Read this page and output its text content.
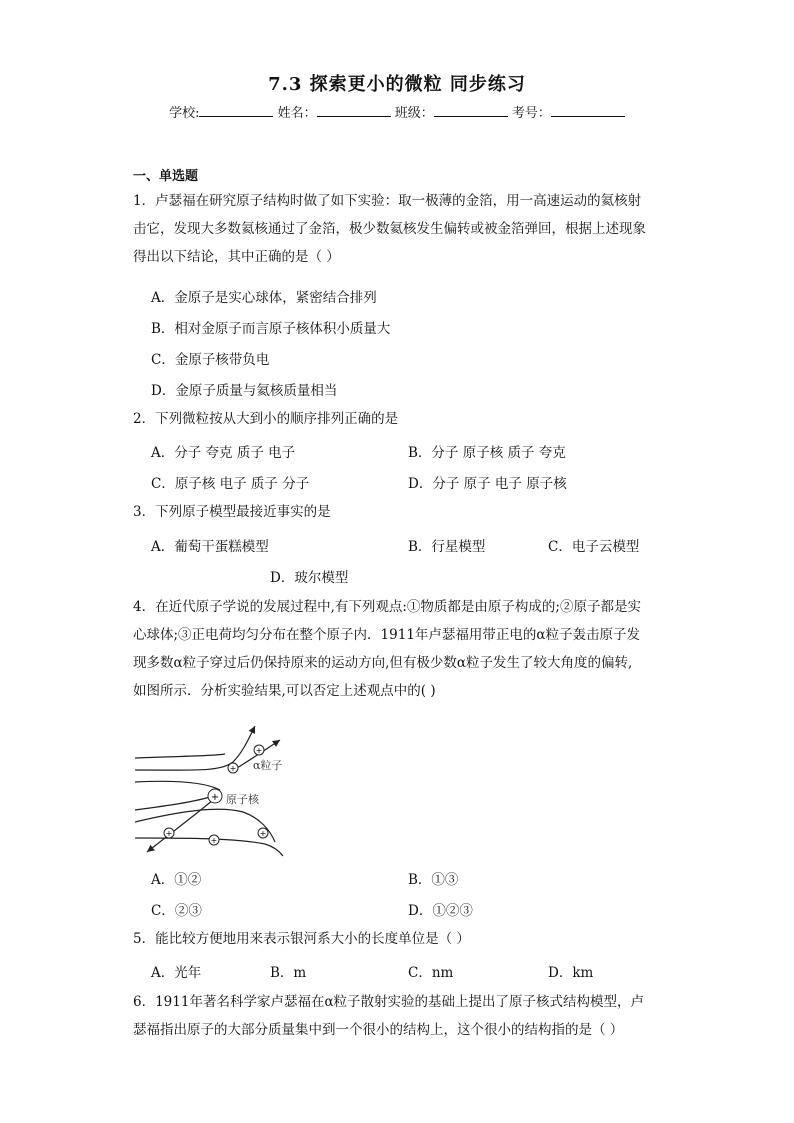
7.3 探索更小的微粒 同步练习
学校:	姓名：	班级：	考号：
一、单选题
1．卢瑟福在研究原子结构时做了如下实验：取一极薄的金箔，用一高速运动的氦核射
击它，发现大多数氦核通过了金箔，极少数氦核发生偏转或被金箔弹回，根据上述现象
得出以下结论，其中正确的是（ ）
A．金原子是实心球体，紧密结合排列
B．相对金原子而言原子核体积小质量大
C．金原子核带负电
D．金原子质量与氦核质量相当
2．下列微粒按从大到小的顺序排列正确的是
A．分子 夸克 质子 电子	B．分子 原子核 质子 夸克
C．原子核 电子 质子 分子	D．分子 原子 电子 原子核
3．下列原子模型最接近事实的是
A．葡萄干蛋糕模型	B．行星模型	C．电子云模型
D．玻尔模型
4．在近代原子学说的发展过程中,有下列观点:①物质都是由原子构成的;②原子都是实
心球体;③正电荷均匀分布在整个原子内．1911年卢瑟福用带正电的α粒子轰击原子发
现多数α粒子穿过后仍保持原来的运动方向,但有极少数α粒子发生了较大角度的偏转,
如图所示．分析实验结果,可以否定上述观点中的( )
+
+
+
+
+
+
α粒子
原子核
A．①②	B．①③
C．②③	D．①②③
5．能比较方便地用来表示银河系大小的长度单位是（ ）
A．光年	B．m	C．nm	D．km
6．1911年著名科学家卢瑟福在α粒子散射实验的基础上提出了原子核式结构模型，卢
瑟福指出原子的大部分质量集中到一个很小的结构上，这个很小的结构指的是（ ）
